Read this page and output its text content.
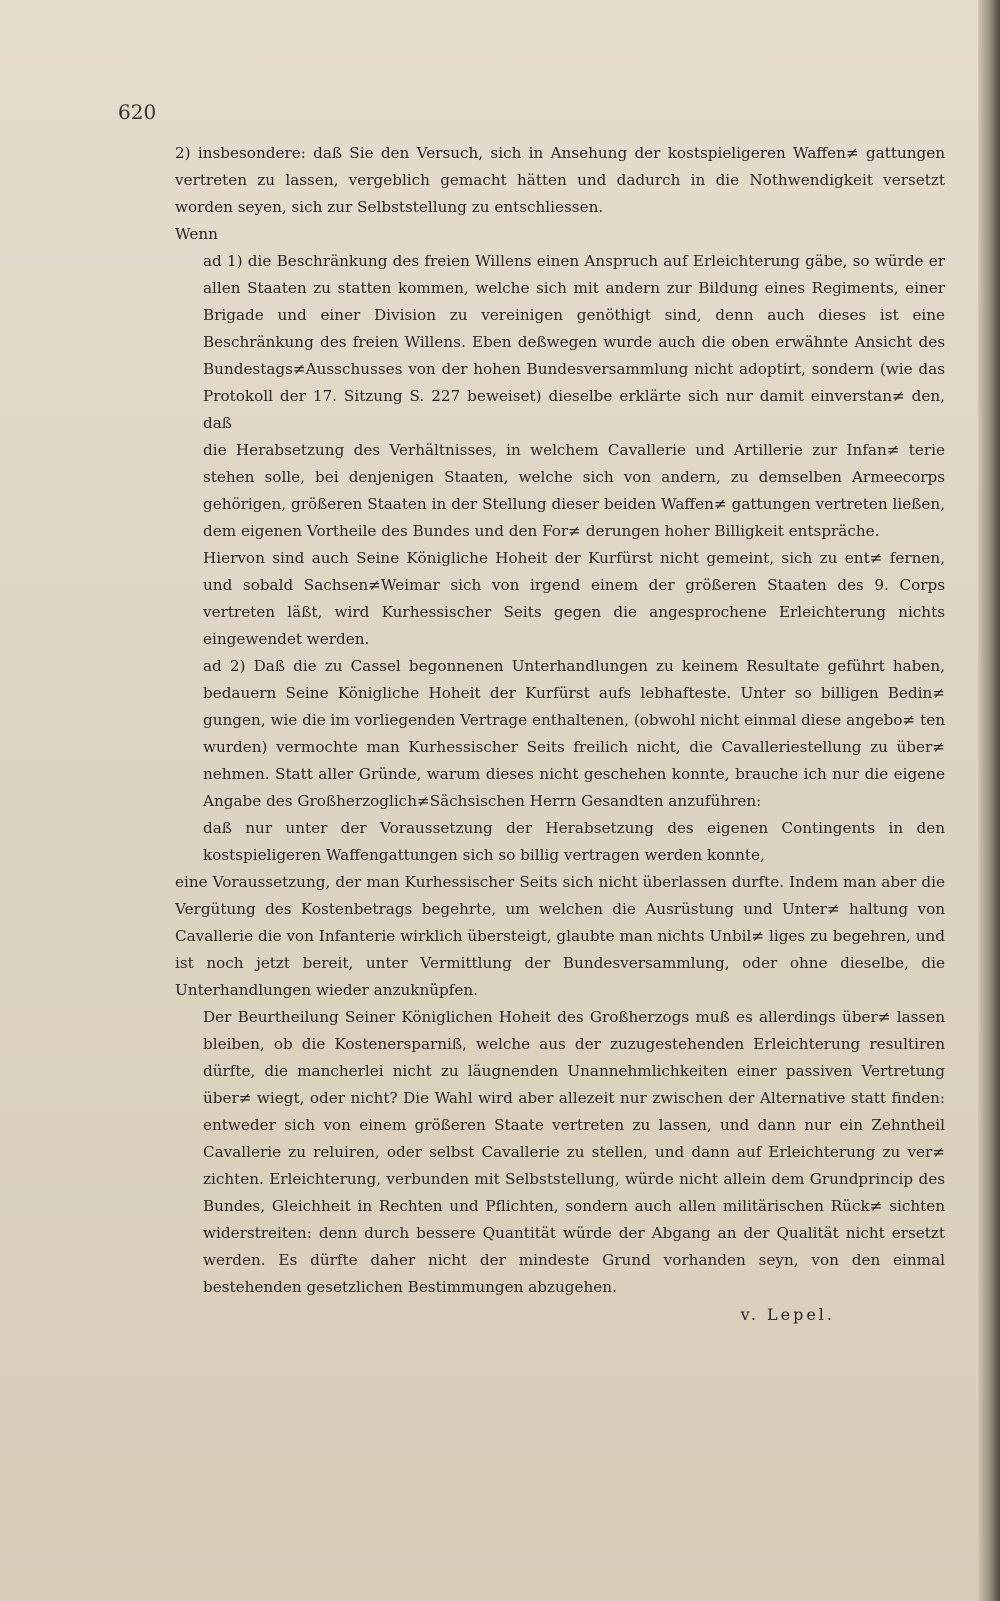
620

2) insbesondere: daß Sie den Versuch, sich in Ansehung der kostspieligeren Waffen≠ gattungen vertreten zu lassen, vergeblich gemacht hätten und dadurch in die Nothwendigkeit versetzt worden seyen, sich zur Selbststellung zu entschliessen.

Wenn

ad 1) die Beschränkung des freien Willens einen Anspruch auf Erleichterung gäbe, so würde er allen Staaten zu statten kommen, welche sich mit andern zur Bildung eines Regiments, einer Brigade und einer Division zu vereinigen genöthigt sind, denn auch dieses ist eine Beschränkung des freien Willens. Eben deßwegen wurde auch die oben erwähnte Ansicht des Bundestags≠Ausschusses von der hohen Bundesversammlung nicht adoptirt, sondern (wie das Protokoll der 17. Sitzung S. 227 beweiset) dieselbe erklärte sich nur damit einverstan≠ den, daß

die Herabsetzung des Verhältnisses, in welchem Cavallerie und Artillerie zur Infan≠ terie stehen solle, bei denjenigen Staaten, welche sich von andern, zu demselben Armeecorps gehörigen, größeren Staaten in der Stellung dieser beiden Waffen≠ gattungen vertreten ließen, dem eigenen Vortheile des Bundes und den For≠ derungen hoher Billigkeit entspräche.

Hiervon sind auch Seine Königliche Hoheit der Kurfürst nicht gemeint, sich zu ent≠ fernen, und sobald Sachsen≠Weimar sich von irgend einem der größeren Staaten des 9. Corps vertreten läßt, wird Kurhessischer Seits gegen die angesprochene Erleichterung nichts eingewendet werden.

ad 2) Daß die zu Cassel begonnenen Unterhandlungen zu keinem Resultate geführt haben, bedauern Seine Königliche Hoheit der Kurfürst aufs lebhafteste. Unter so billigen Bedin≠ gungen, wie die im vorliegenden Vertrage enthaltenen, (obwohl nicht einmal diese angebo≠ ten wurden) vermochte man Kurhessischer Seits freilich nicht, die Cavalleriestellung zu über≠ nehmen. Statt aller Gründe, warum dieses nicht geschehen konnte, brauche ich nur die eigene Angabe des Großherzoglich≠Sächsischen Herrn Gesandten anzuführen:

daß nur unter der Voraussetzung der Herabsetzung des eigenen Contingents in den kostspieligeren Waffengattungen sich so billig vertragen werden konnte,

eine Voraussetzung, der man Kurhessischer Seits sich nicht überlassen durfte. Indem man aber die Vergütung des Kostenbetrags begehrte, um welchen die Ausrüstung und Unter≠ haltung von Cavallerie die von Infanterie wirklich übersteigt, glaubte man nichts Unbil≠ liges zu begehren, und ist noch jetzt bereit, unter Vermittlung der Bundesversammlung, oder ohne dieselbe, die Unterhandlungen wieder anzuknüpfen.

Der Beurtheilung Seiner Königlichen Hoheit des Großherzogs muß es allerdings über≠ lassen bleiben, ob die Kostenersparniß, welche aus der zuzugestehenden Erleichterung resultiren dürfte, die mancherlei nicht zu läugnenden Unannehmlichkeiten einer passiven Vertretung über≠ wiegt, oder nicht? Die Wahl wird aber allezeit nur zwischen der Alternative statt finden: entweder sich von einem größeren Staate vertreten zu lassen, und dann nur ein Zehntheil Cavallerie zu reluiren, oder selbst Cavallerie zu stellen, und dann auf Erleichterung zu ver≠ zichten. Erleichterung, verbunden mit Selbststellung, würde nicht allein dem Grundprincip des Bundes, Gleichheit in Rechten und Pflichten, sondern auch allen militärischen Rück≠ sichten widerstreiten: denn durch bessere Quantität würde der Abgang an der Qualität nicht ersetzt werden. Es dürfte daher nicht der mindeste Grund vorhanden seyn, von den einmal bestehenden gesetzlichen Bestimmungen abzugehen.

v. Lepel.
